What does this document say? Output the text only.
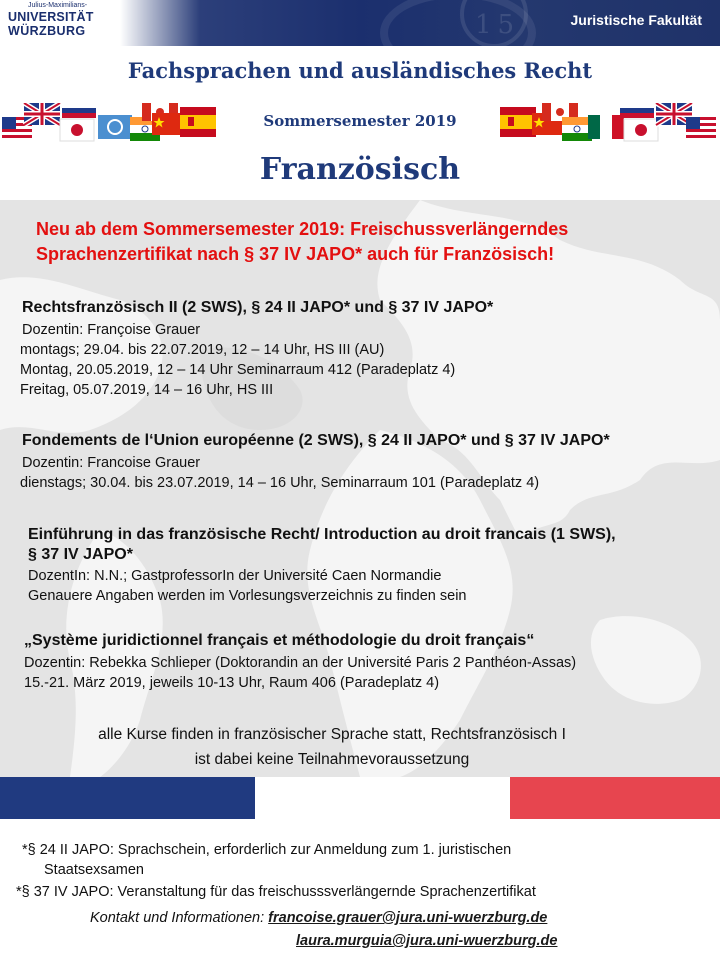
15
Julius-Maximilians-
UNIVERSITÄT
WÜRZBURG
Juristische Fakultät
Fachsprachen und ausländisches Recht
Sommersemester 2019
Französisch
Neu ab dem Sommersemester 2019: Freischussverlängerndes
Sprachenzertifikat nach § 37 IV JAPO* auch für Französisch!
Rechtsfranzösisch II (2 SWS), § 24 II JAPO* und § 37 IV JAPO*
Dozentin: Françoise Grauer
montags; 29.04. bis 22.07.2019, 12 – 14 Uhr, HS III (AU)
Montag, 20.05.2019, 12 – 14 Uhr Seminarraum 412 (Paradeplatz 4)
Freitag, 05.07.2019, 14 – 16 Uhr, HS III
Fondements de l‘Union européenne (2 SWS), § 24 II JAPO* und § 37 IV JAPO*
Dozentin: Francoise Grauer
dienstags; 30.04. bis 23.07.2019, 14 – 16 Uhr, Seminarraum 101 (Paradeplatz 4)
Einführung in das französische Recht/ Introduction au droit francais (1 SWS),
§ 37 IV JAPO*
DozentIn: N.N.; GastprofessorIn der Université Caen Normandie
Genauere Angaben werden im Vorlesungsverzeichnis zu finden sein
„Système juridictionnel français et méthodologie du droit français“
Dozentin: Rebekka Schlieper (Doktorandin an der Université Paris 2 Panthéon-Assas)
15.-21. März 2019, jeweils 10-13 Uhr, Raum 406 (Paradeplatz 4)
alle Kurse finden in französischer Sprache statt, Rechtsfranzösisch I
ist dabei keine Teilnahmevoraussetzung
*§ 24 II JAPO: Sprachschein, erforderlich zur Anmeldung zum 1. juristischen
Staatsexsamen
*§ 37 IV JAPO: Veranstaltung für das freischusssverlängernde Sprachenzertifikat
Kontakt und Informationen: francoise.grauer@jura.uni-wuerzburg.de
laura.murguia@jura.uni-wuerzburg.de
